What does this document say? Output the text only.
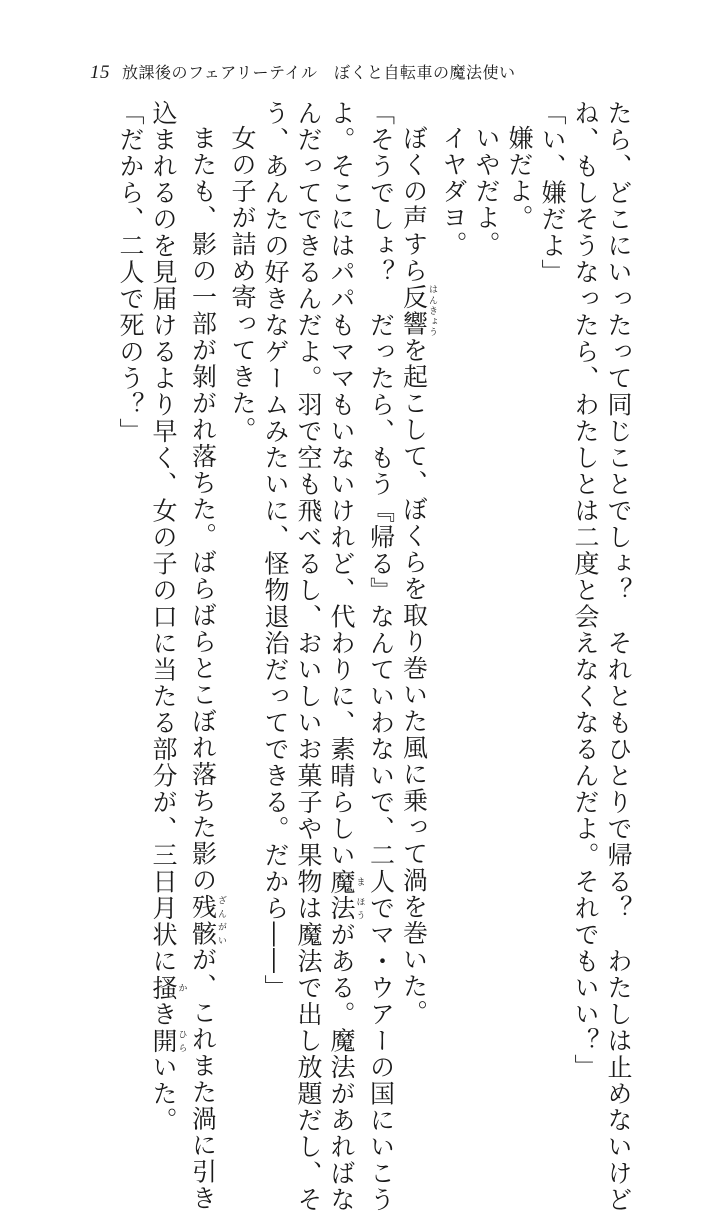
15 放課後のフェアリーテイル　ぼくと自転車の魔法使い
たら、どこにいったって同じことでしょ？　それともひとりで帰る？　わたしは止めないけど
ね、もしそうなったら、わたしとは二度と会えなくなるんだよ。それでもいい？」
「い、嫌だよ」
嫌だよ。
いやだよ。
イヤダヨ。
ぼくの声すら反響はんきょうを起こして、ぼくらを取り巻いた風に乗って渦を巻いた。
「そうでしょ？　だったら、もう『帰る』なんていわないで、二人でマ・ウアーの国にいこう
よ。そこにはパパもママもいないけれど、代わりに、素晴らしい魔ま法ほうがある。魔法があればな
んだってできるんだよ。羽で空も飛べるし、おいしいお菓子や果物は魔法で出し放題だし、そ
う、あんたの好きなゲームみたいに、怪物退治だってできる。だから――」
女の子が詰め寄ってきた。
またも、影の一部が剝がれ落ちた。ばらばらとこぼれ落ちた影の残骸ざんがいが、これまた渦に引き
込まれるのを見届けるより早く、女の子の口に当たる部分が、三日月状に搔かき開ひらいた。
「だから、二人で死のう？」
